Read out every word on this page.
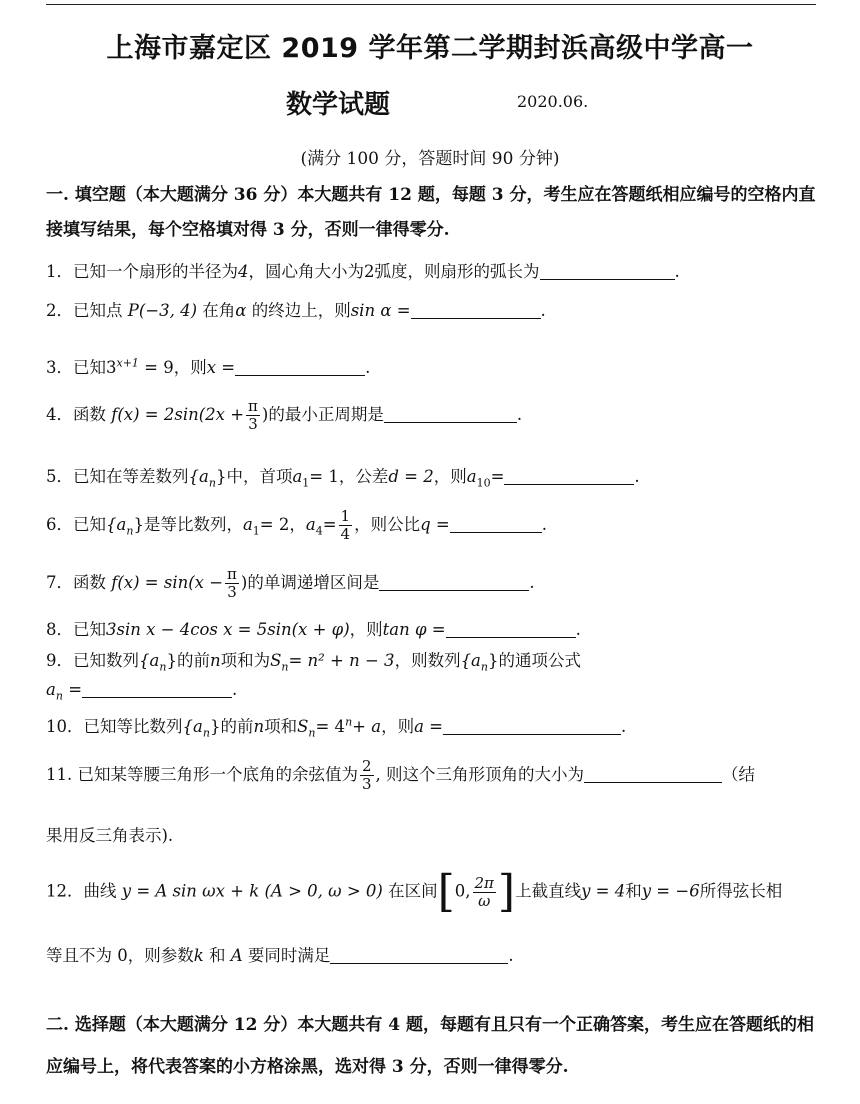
上海市嘉定区 2019 学年第二学期封浜高级中学高一
数学试题	2020.06.
(满分 100 分，答题时间 90 分钟)
一. 填空题（本大题满分 36 分）本大题共有 12 题，每题 3 分，考生应在答题纸相应编号的空格内直接填写结果，每个空格填对得 3 分，否则一律得零分.
1．已知一个扇形的半径为4，圆心角大小为2弧度，则扇形的弧长为	.
2．已知点 P(−3, 4) 在角α 的终边上，则sin α =	.
3．已知$3^{x+1} = 9$，则x =	.
4．函数 $f(x) = 2\sin(2x + \frac{\pi}{3}$ )的最小正周期是	.
5．已知在等差数列$\{a_n\}$中，首项$a_1= 1$，公差d = 2，则$a_{10}=$	.
6．已知$\{a_n\}$是等比数列，$a_1= 2$，$a_4= \frac{1}{4}$ ，则公比q =	.
7．函数 $f(x) = \sin(x - \frac{\pi}{3}$ )的单调递增区间是	.
8．已知3sin x − 4cos x = 5sin(x + φ)，则tan φ =	.
9．已知数列$\{a_n\}$的前n项和为$S_n= n^2 + n - 3$，则数列$\{a_n\}$的通项公式
$a_n$ =	.
10．已知等比数列$\{a_n\}$的前n项和$S_n= 4^n+ a$，则a =	.
11. 已知某等腰三角形一个底角的余弦值为 $\frac{2}{3}$ , 则这个三角形顶角的大小为	（结
果用反三角表示).
12．曲线 y = A sin ωx + k (A > 0, ω > 0) 在区间[0, $\frac{2\pi}{\omega}$ ]上截直线y = 4和y = −6所得弦长相
等且不为 0，则参数k 和 A 要同时满足	.
二. 选择题（本大题满分 12 分）本大题共有 4 题，每题有且只有一个正确答案，考生应在答题纸的相应编号上，将代表答案的小方格涂黑，选对得 3 分，否则一律得零分.
